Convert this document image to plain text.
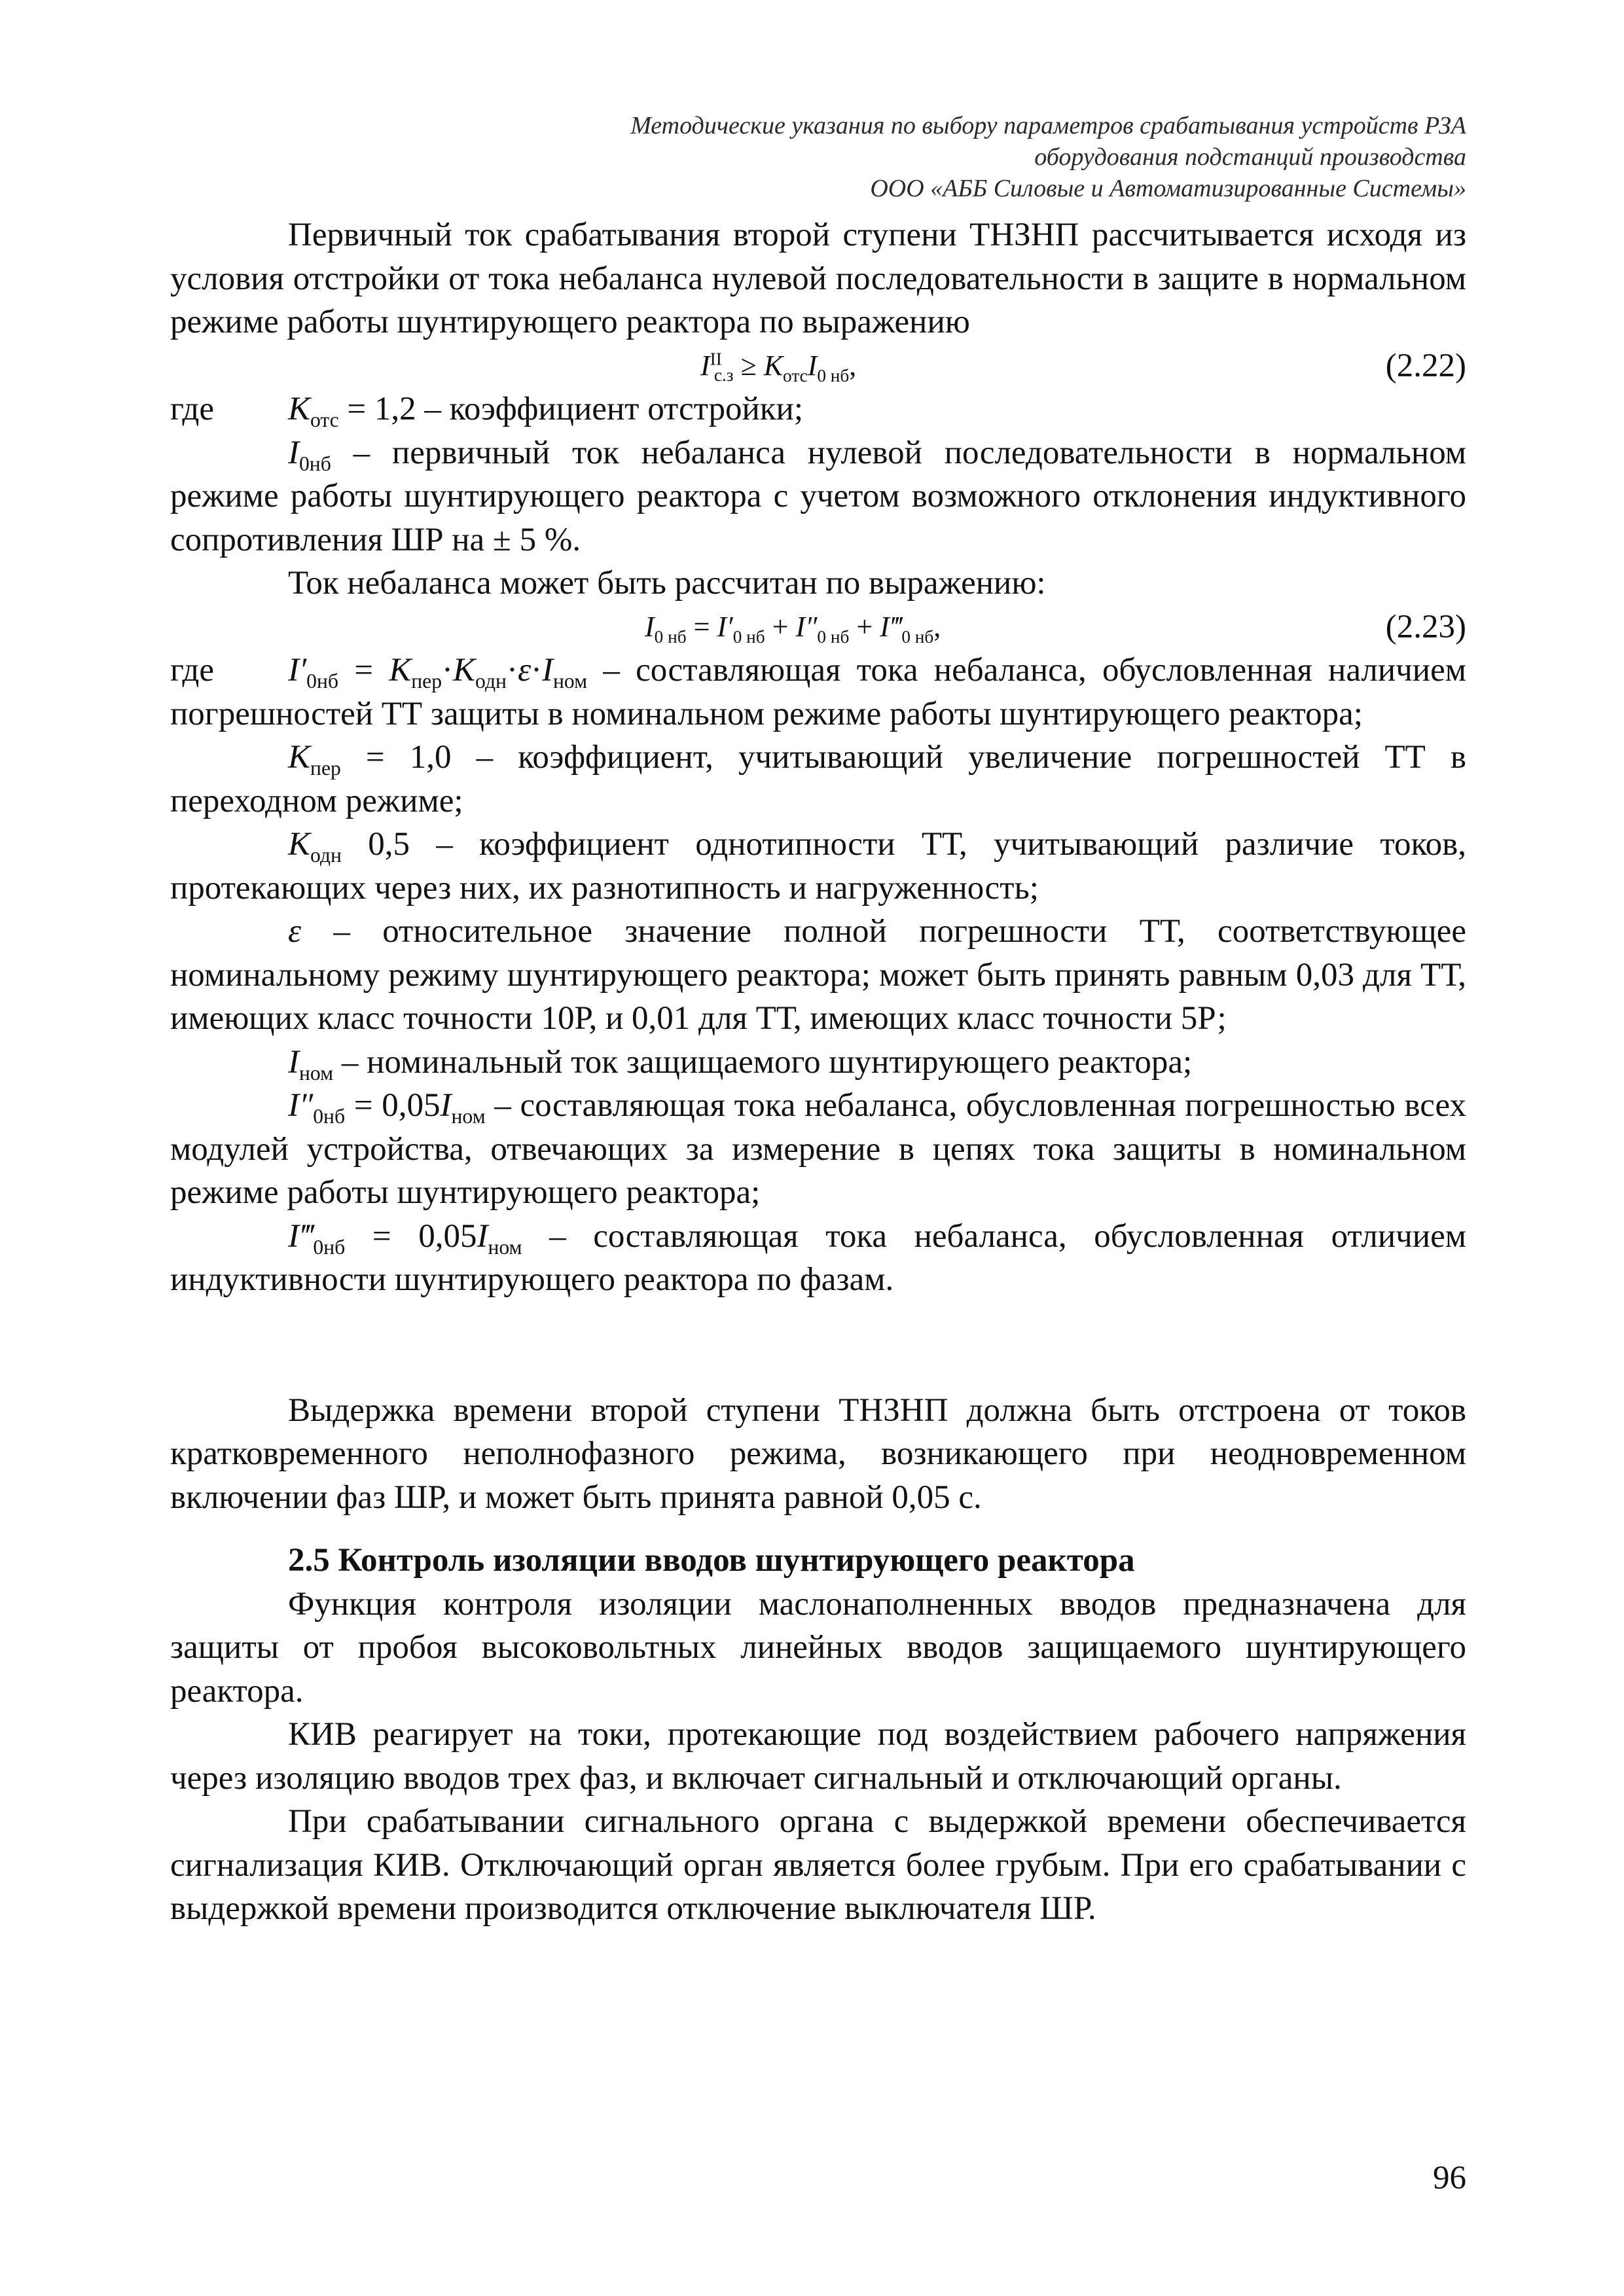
Методические указания по выбору параметров срабатывания устройств РЗА
оборудования подстанций производства
ООО «АББ Силовые и Автоматизированные Системы»

Первичный ток срабатывания второй ступени ТНЗНП рассчитывается исходя из условия отстройки от тока небаланса нулевой последовательности в защите в нормальном режиме работы шунтирующего реактора по выражению

$I^{II}_{с.з} \ge K_{отс}I_{0 нб}$,	(2.22)

где $K_{отс} = 1,2$ – коэффициент отстройки;

$I_{0нб}$ – первичный ток небаланса нулевой последовательности в нормальном режиме работы шунтирующего реактора с учетом возможного отклонения индуктивного сопротивления ШР на ± 5 %.

Ток небаланса может быть рассчитан по выражению:

$I_{0 нб} = I'_{0 нб} + I''_{0 нб}$ + $I‴_{0 нб}$,	(2.23)

где $I'_{0нб} = K_{пер}\cdot K_{одн}\cdot\varepsilon\cdot I_{ном}$ – составляющая тока небаланса, обусловленная наличием погрешностей ТТ защиты в номинальном режиме работы шунтирующего реактора;

$K_{пер} = 1,0$ – коэффициент, учитывающий увеличение погрешностей ТТ в переходном режиме;

$K_{одн}$ 0,5 – коэффициент однотипности ТТ, учитывающий различие токов, протекающих через них, их разнотипность и нагруженность;

ε – относительное значение полной погрешности ТТ, соответствующее номинальному режиму шунтирующего реактора; может быть принять равным 0,03 для ТТ, имеющих класс точности 10Р, и 0,01 для ТТ, имеющих класс точности 5Р;

$I_{ном}$ – номинальный ток защищаемого шунтирующего реактора;

$I''_{0нб} = 0,05I_{ном}$ – составляющая тока небаланса, обусловленная погрешностью всех модулей устройства, отвечающих за измерение в цепях тока защиты в номинальном режиме работы шунтирующего реактора;

$I‴_{0нб} = 0,05I_{ном}$ – составляющая тока небаланса, обусловленная отличием индуктивности шунтирующего реактора по фазам.

Выдержка времени второй ступени ТНЗНП должна быть отстроена от токов кратковременного неполнофазного режима, возникающего при неодновременном включении фаз ШР, и может быть принята равной 0,05 с.

2.5 Контроль изоляции вводов шунтирующего реактора

Функция контроля изоляции маслонаполненных вводов предназначена для защиты от пробоя высоковольтных линейных вводов защищаемого шунтирующего реактора.

КИВ реагирует на токи, протекающие под воздействием рабочего напряжения через изоляцию вводов трех фаз, и включает сигнальный и отключающий органы.

При срабатывании сигнального органа с выдержкой времени обеспечивается сигнализация КИВ. Отключающий орган является более грубым. При его срабатывании с выдержкой времени производится отключение выключателя ШР.

96
